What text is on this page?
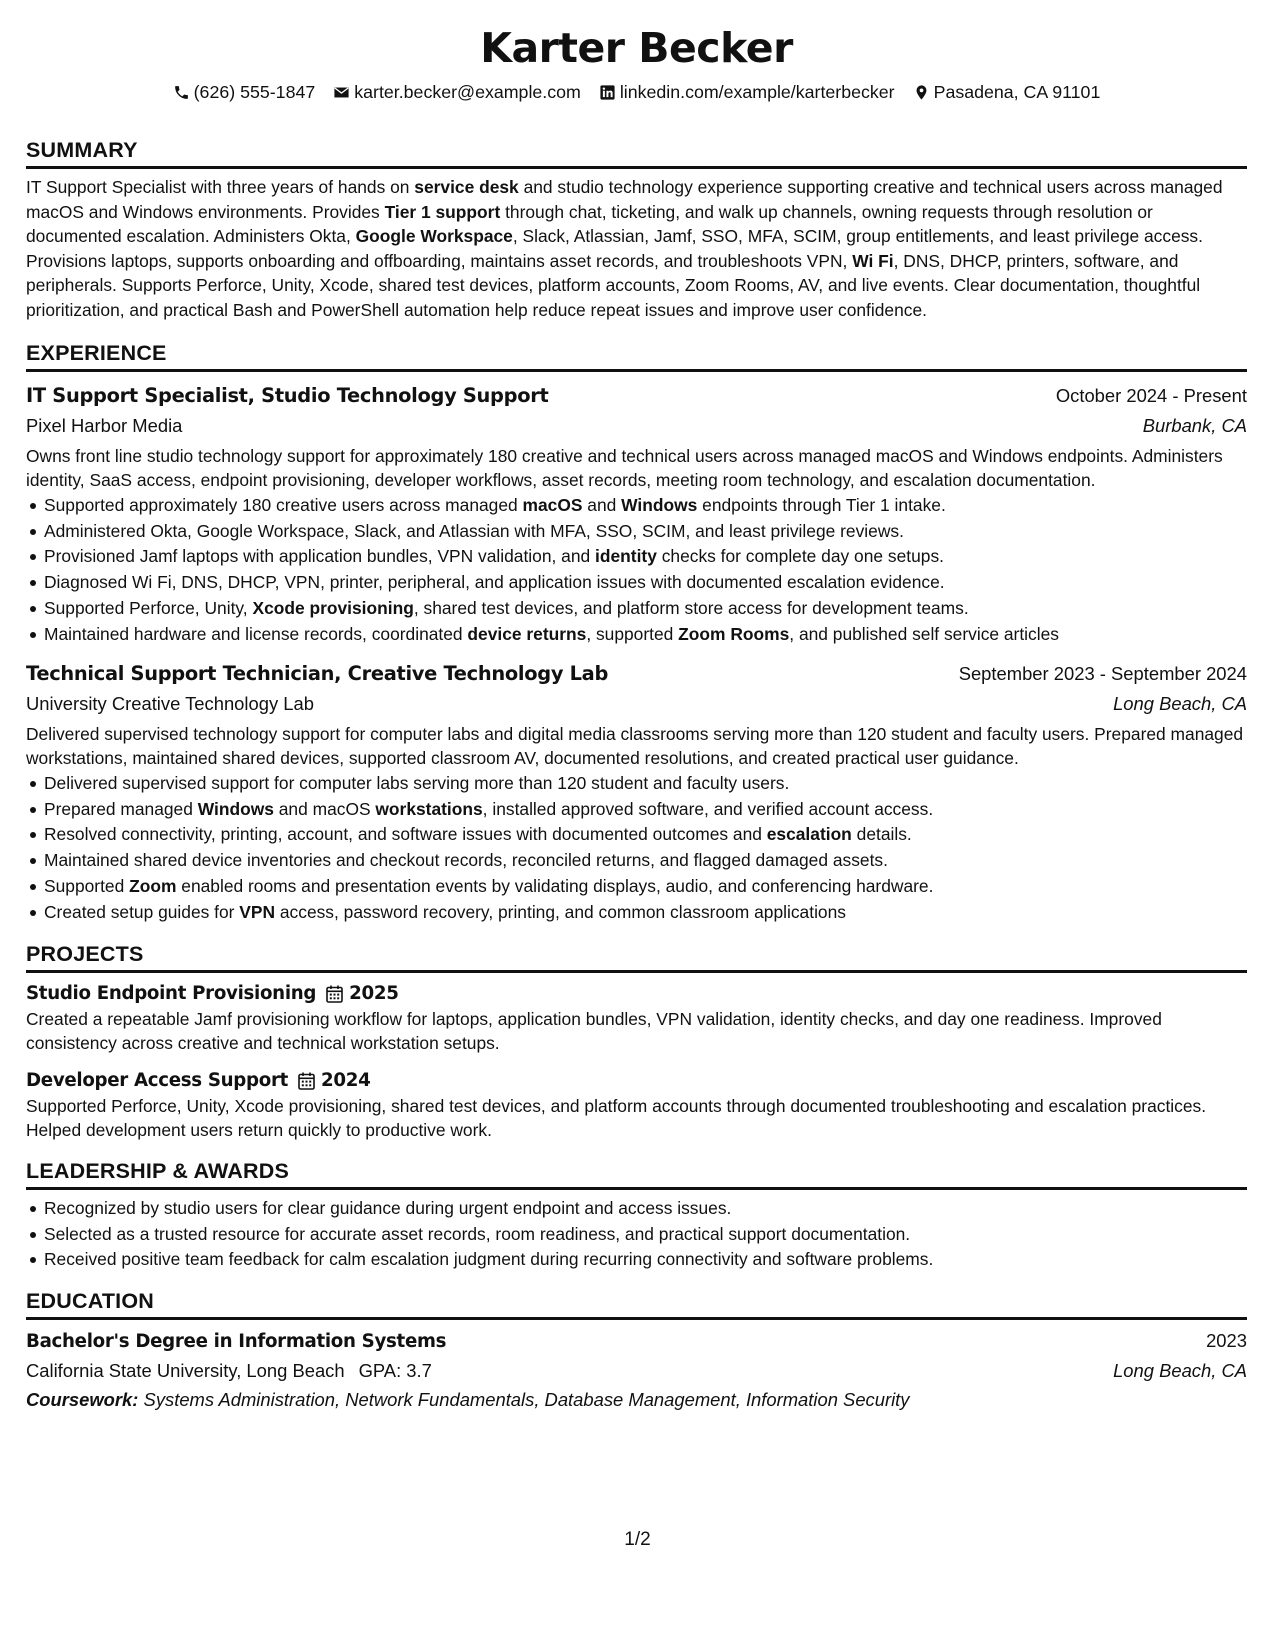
Karter Becker
(626) 555-1847 karter.becker@example.com linkedin.com/example/karterbecker Pasadena, CA 91101
SUMMARY

IT Support Specialist with three years of hands on service desk and studio technology experience supporting creative and technical users across managed macOS and Windows environments. Provides Tier 1 support through chat, ticketing, and walk up channels, owning requests through resolution or documented escalation. Administers Okta, Google Workspace, Slack, Atlassian, Jamf, SSO, MFA, SCIM, group entitlements, and least privilege access. Provisions laptops, supports onboarding and offboarding, maintains asset records, and troubleshoots VPN, Wi Fi, DNS, DHCP, printers, software, and peripherals. Supports Perforce, Unity, Xcode, shared test devices, platform accounts, Zoom Rooms, AV, and live events. Clear documentation, thoughtful prioritization, and practical Bash and PowerShell automation help reduce repeat issues and improve user confidence.

EXPERIENCE
IT Support Specialist, Studio Technology Support	October 2024 - Present
Pixel Harbor Media	Burbank, CA

Owns front line studio technology support for approximately 180 creative and technical users across managed macOS and Windows endpoints. Administers identity, SaaS access, endpoint provisioning, developer workflows, asset records, meeting room technology, and escalation documentation.

Supported approximately 180 creative users across managed macOS and Windows endpoints through Tier 1 intake.
Administered Okta, Google Workspace, Slack, and Atlassian with MFA, SSO, SCIM, and least privilege reviews.
Provisioned Jamf laptops with application bundles, VPN validation, and identity checks for complete day one setups.
Diagnosed Wi Fi, DNS, DHCP, VPN, printer, peripheral, and application issues with documented escalation evidence.
Supported Perforce, Unity, Xcode provisioning, shared test devices, and platform store access for development teams.
Maintained hardware and license records, coordinated device returns, supported Zoom Rooms, and published self service articles
Technical Support Technician, Creative Technology Lab	September 2023 - September 2024
University Creative Technology Lab	Long Beach, CA

Delivered supervised technology support for computer labs and digital media classrooms serving more than 120 student and faculty users. Prepared managed workstations, maintained shared devices, supported classroom AV, documented resolutions, and created practical user guidance.

Delivered supervised support for computer labs serving more than 120 student and faculty users.
Prepared managed Windows and macOS workstations, installed approved software, and verified account access.
Resolved connectivity, printing, account, and software issues with documented outcomes and escalation details.
Maintained shared device inventories and checkout records, reconciled returns, and flagged damaged assets.
Supported Zoom enabled rooms and presentation events by validating displays, audio, and conferencing hardware.
Created setup guides for VPN access, password recovery, printing, and common classroom applications
PROJECTS
Studio Endpoint Provisioning 2025

Created a repeatable Jamf provisioning workflow for laptops, application bundles, VPN validation, identity checks, and day one readiness. Improved consistency across creative and technical workstation setups.

Developer Access Support 2024

Supported Perforce, Unity, Xcode provisioning, shared test devices, and platform accounts through documented troubleshooting and escalation practices. Helped development users return quickly to productive work.

LEADERSHIP & AWARDS
Recognized by studio users for clear guidance during urgent endpoint and access issues.
Selected as a trusted resource for accurate asset records, room readiness, and practical support documentation.
Received positive team feedback for calm escalation judgment during recurring connectivity and software problems.
EDUCATION
Bachelor's Degree in Information Systems	2023
California State University, Long Beach GPA: 3.7	Long Beach, CA
Coursework: Systems Administration, Network Fundamentals, Database Management, Information Security
1/2
